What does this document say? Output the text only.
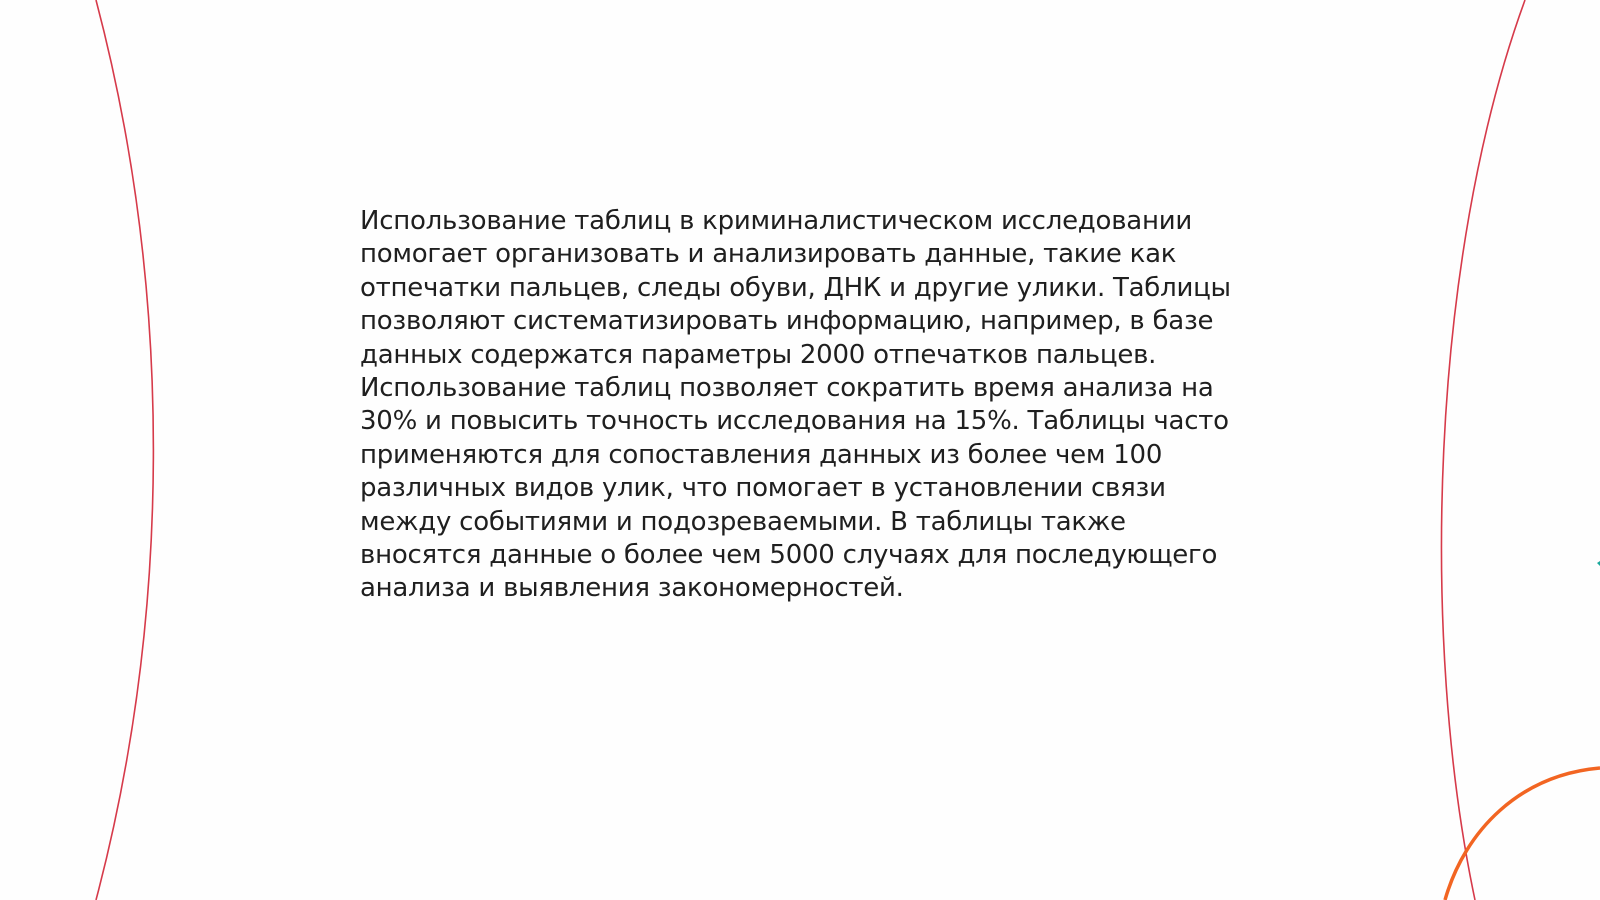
Использование таблиц в криминалистическом исследовании помогает организовать и анализировать данные, такие как отпечатки пальцев, следы обуви, ДНК и другие улики. Таблицы позволяют систематизировать информацию, например, в базе данных содержатся параметры 2000 отпечатков пальцев. Использование таблиц позволяет сократить время анализа на 30% и повысить точность исследования на 15%. Таблицы часто применяются для сопоставления данных из более чем 100 различных видов улик, что помогает в установлении связи между событиями и подозреваемыми. В таблицы также вносятся данные о более чем 5000 случаях для последующего анализа и выявления закономерностей.
